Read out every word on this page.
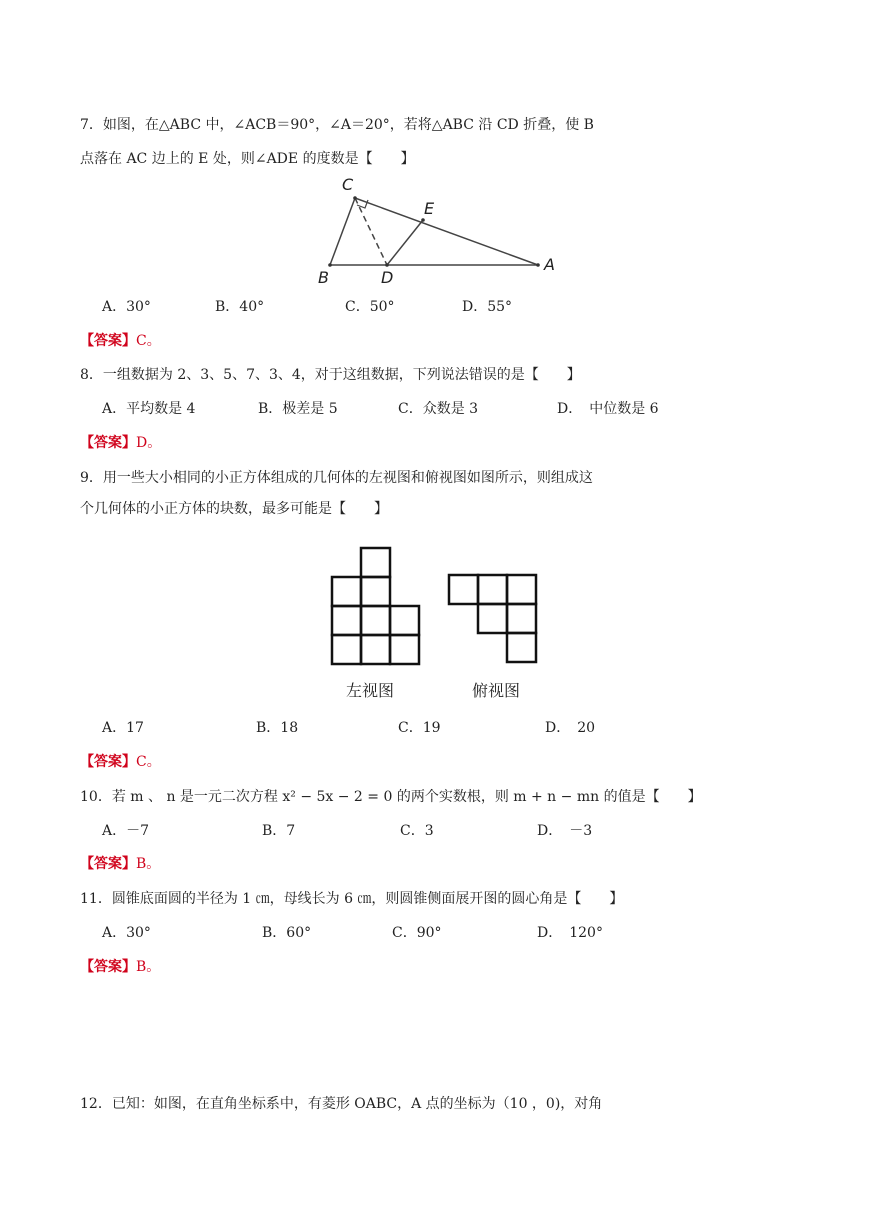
7．如图，在△ABC 中，∠ACB＝90°，∠A＝20°，若将△ABC 沿 CD 折叠，使 B
点落在 AC 边上的 E 处，则∠ADE 的度数是【　　】
C
E
A
B	D
A．30°	B．40°	C．50°	D．55°
【答案】C。
8．一组数据为 2、3、5、7、3、4，对于这组数据，下列说法错误的是【　　】
A．平均数是 4	B．极差是 5	C．众数是 3	D．　中位数是 6
【答案】D。
9．用一些大小相同的小正方体组成的几何体的左视图和俯视图如图所示，则组成这
个几何体的小正方体的块数，最多可能是【　　】
左视图	俯视图
A．17	B．18	C．19	D．　20
【答案】C。
10．若 m 、 n 是一元二次方程 x² − 5x − 2 = 0 的两个实数根，则 m + n − mn 的值是【　　】
A．－7	B．7	C．3	D．　－3
【答案】B。
11．圆锥底面圆的半径为 1 ㎝，母线长为 6 ㎝，则圆锥侧面展开图的圆心角是【　　】
A．30°	B．60°	C．90°	D．　120°
【答案】B。
12．已知：如图，在直角坐标系中，有菱形 OABC，A 点的坐标为（10 ，0)，对角
